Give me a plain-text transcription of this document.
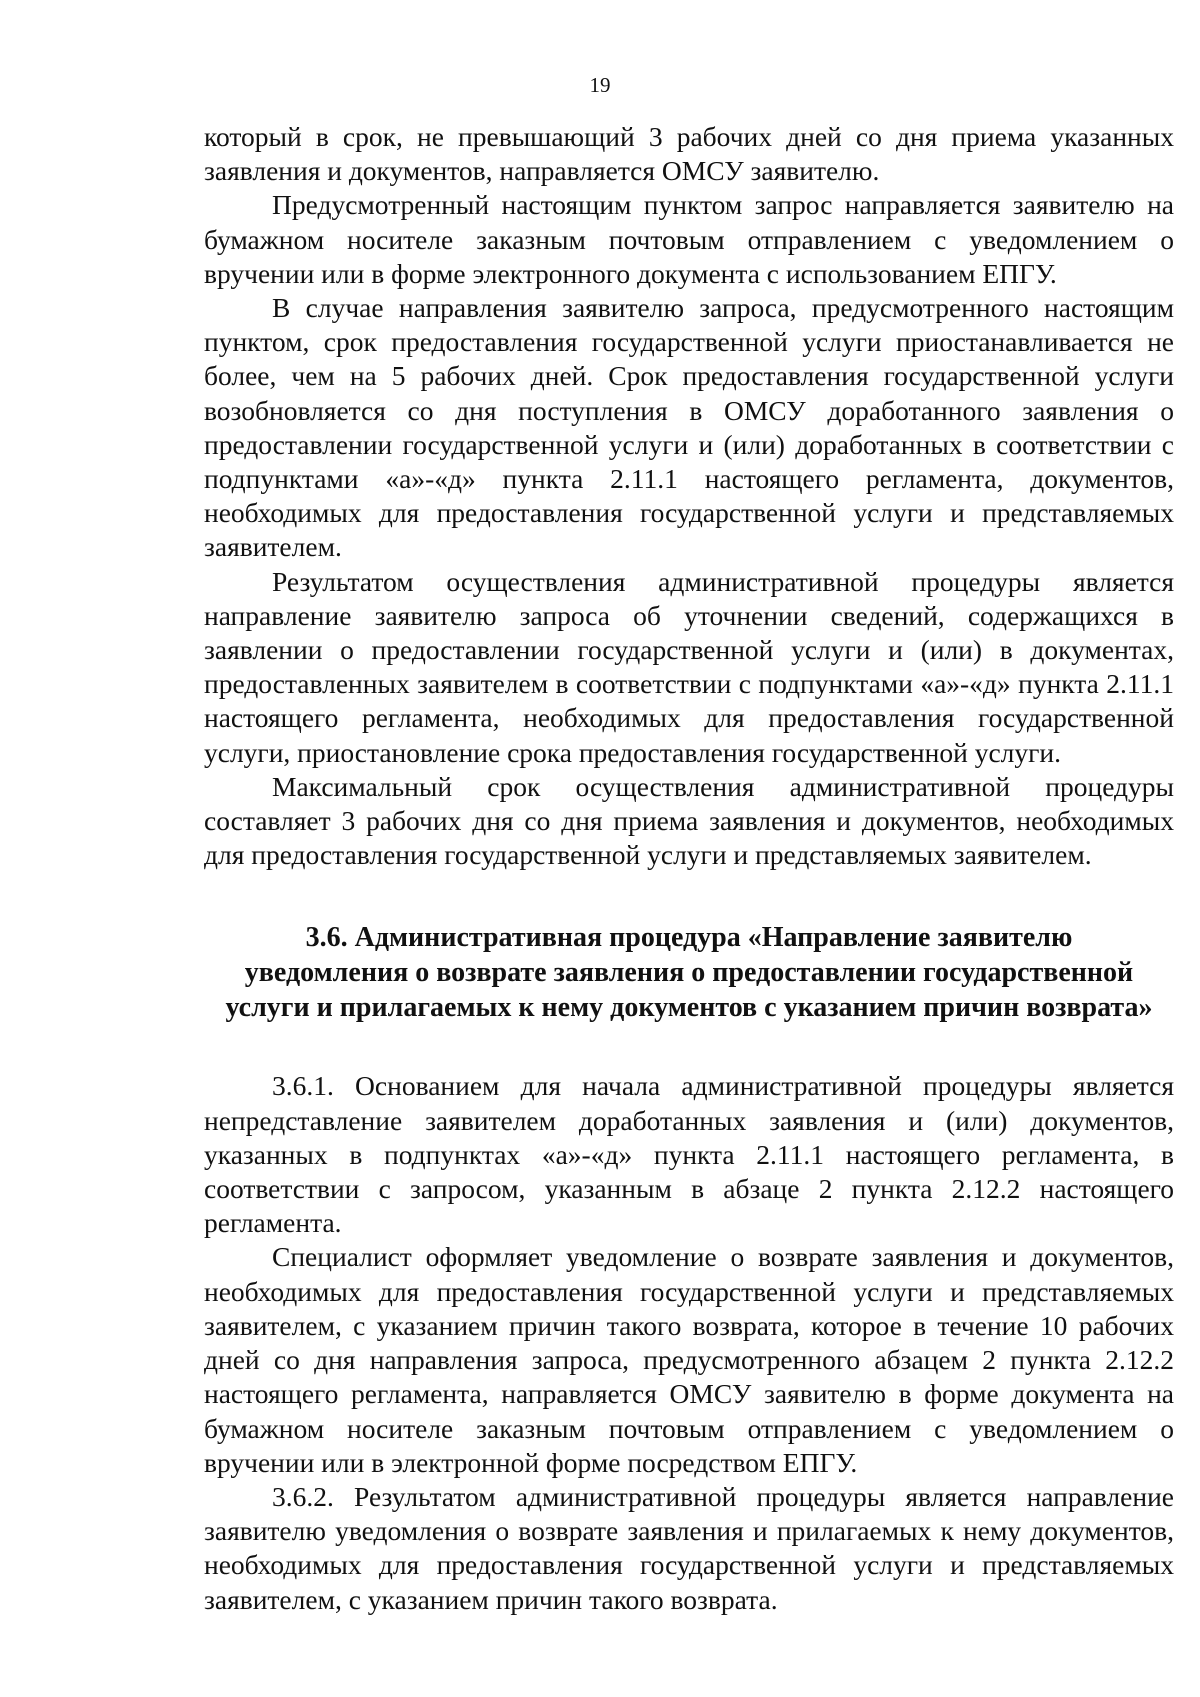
19

который в срок, не превышающий 3 рабочих дней со дня приема указанных заявления и документов, направляется ОМСУ заявителю.

Предусмотренный настоящим пунктом запрос направляется заявителю на бумажном носителе заказным почтовым отправлением с уведомлением о вручении или в форме электронного документа с использованием ЕПГУ.

В случае направления заявителю запроса, предусмотренного настоящим пунктом, срок предоставления государственной услуги приостанавливается не более, чем на 5 рабочих дней. Срок предоставления государственной услуги возобновляется со дня поступления в ОМСУ доработанного заявления о предоставлении государственной услуги и (или) доработанных в соответствии с подпунктами «а»-«д» пункта 2.11.1 настоящего регламента, документов, необходимых для предоставления государственной услуги и представляемых заявителем.

Результатом осуществления административной процедуры является направление заявителю запроса об уточнении сведений, содержащихся в заявлении о предоставлении государственной услуги и (или) в документах, предоставленных заявителем в соответствии с подпунктами «а»-«д» пункта 2.11.1 настоящего регламента, необходимых для предоставления государственной услуги, приостановление срока предоставления государственной услуги.

Максимальный срок осуществления административной процедуры составляет 3 рабочих дня со дня приема заявления и документов, необходимых для предоставления государственной услуги и представляемых заявителем.

3.6. Административная процедура «Направление заявителю уведомления о возврате заявления о предоставлении государственной услуги и прилагаемых к нему документов с указанием причин возврата»

3.6.1. Основанием для начала административной процедуры является непредставление заявителем доработанных заявления и (или) документов, указанных в подпунктах «а»-«д» пункта 2.11.1 настоящего регламента, в соответствии с запросом, указанным в абзаце 2 пункта 2.12.2 настоящего регламента.

Специалист оформляет уведомление о возврате заявления и документов, необходимых для предоставления государственной услуги и представляемых заявителем, с указанием причин такого возврата, которое в течение 10 рабочих дней со дня направления запроса, предусмотренного абзацем 2 пункта 2.12.2 настоящего регламента, направляется ОМСУ заявителю в форме документа на бумажном носителе заказным почтовым отправлением с уведомлением о вручении или в электронной форме посредством ЕПГУ.

3.6.2. Результатом административной процедуры является направление заявителю уведомления о возврате заявления и прилагаемых к нему документов, необходимых для предоставления государственной услуги и представляемых заявителем, с указанием причин такого возврата.
